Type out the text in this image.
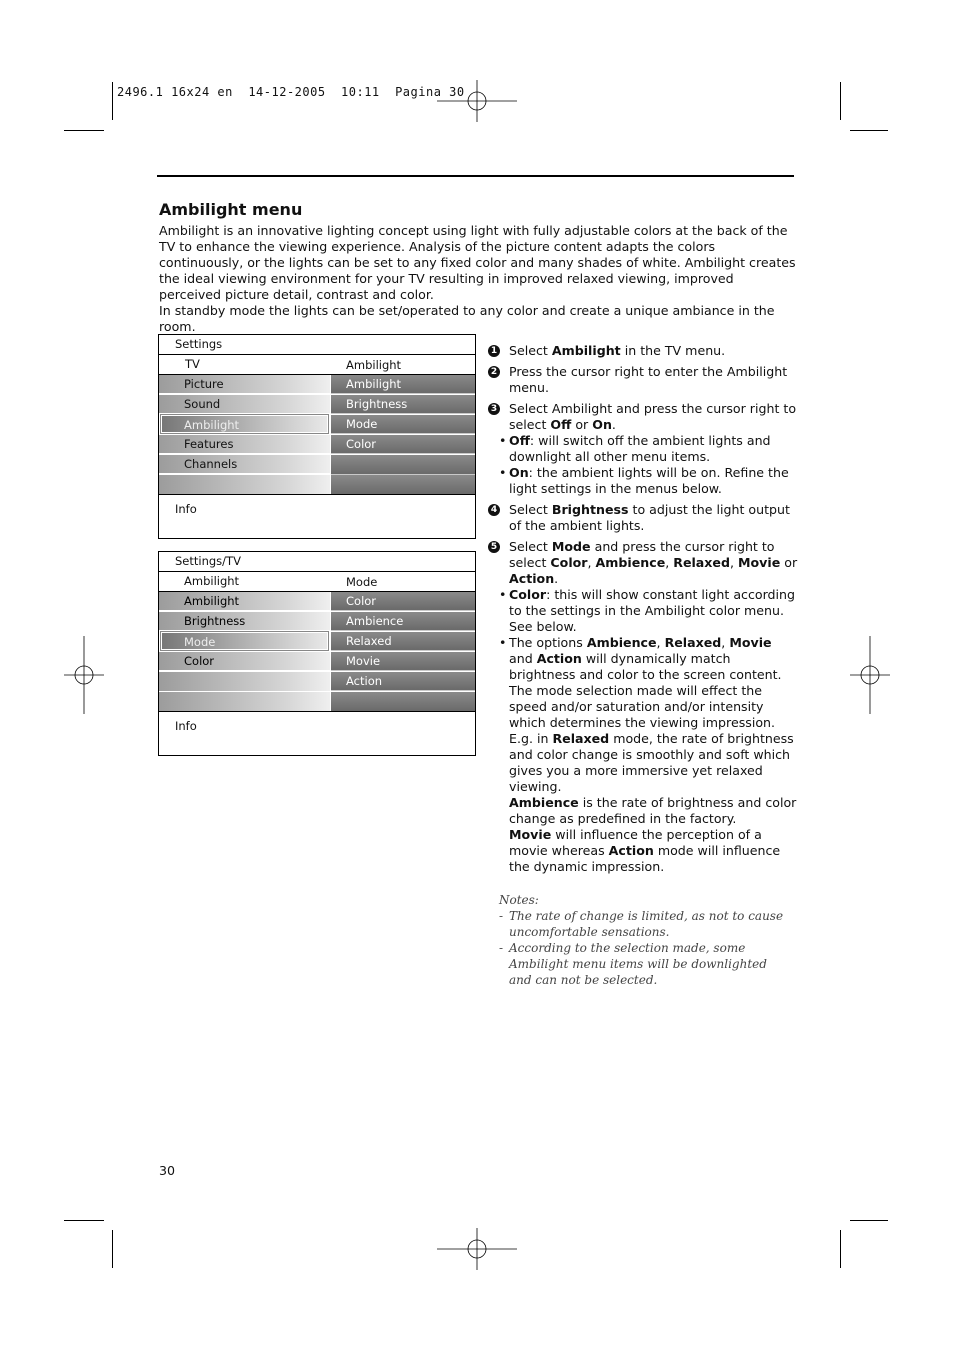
2496.1 16x24 en  14-12-2005  10:11  Pagina 30
Ambilight menu

Ambilight is an innovative lighting concept using light with fully adjustable colors at the back of the TV to enhance the viewing experience. Analysis of the picture content adapts the colors continuously, or the lights can be set to any fixed color and many shades of white. Ambilight creates the ideal viewing environment for your TV resulting in improved relaxed viewing, improved perceived picture detail, contrast and color.

In standby mode the lights can be set/operated to any color and create a unique ambiance in the room.

Settings
TV	Ambilight
Picture
Sound
Ambilight
Features
Channels
Ambilight
Brightness
Mode
Color
Info
Settings/TV
Ambilight	Mode
Ambilight
Brightness
Mode
Color
Color
Ambience
Relaxed
Movie
Action
Info
1 Select Ambilight in the TV menu.
2 Press the cursor right to enter the Ambilight menu.
3 Select Ambilight and press the cursor right to select Off or On.
• Off: will switch off the ambient lights and downlight all other menu items.
• On: the ambient lights will be on. Refine the light settings in the menus below.
4 Select Brightness to adjust the light output of the ambient lights.
5 Select Mode and press the cursor right to select Color, Ambience, Relaxed, Movie or Action.
• Color: this will show constant light according to the settings in the Ambilight color menu. See below.
• The options Ambience, Relaxed, Movie and Action will dynamically match brightness and color to the screen content.
The mode selection made will effect the speed and/or saturation and/or intensity which determines the viewing impression.
E.g. in Relaxed mode, the rate of brightness and color change is smoothly and soft which gives you a more immersive yet relaxed viewing.
Ambience is the rate of brightness and color change as predefined in the factory.
Movie will influence the perception of a movie whereas Action mode will influence the dynamic impression.
Notes:
- The rate of change is limited, as not to cause uncomfortable sensations.
- According to the selection made, some Ambilight menu items will be downlighted and can not be selected.
30
